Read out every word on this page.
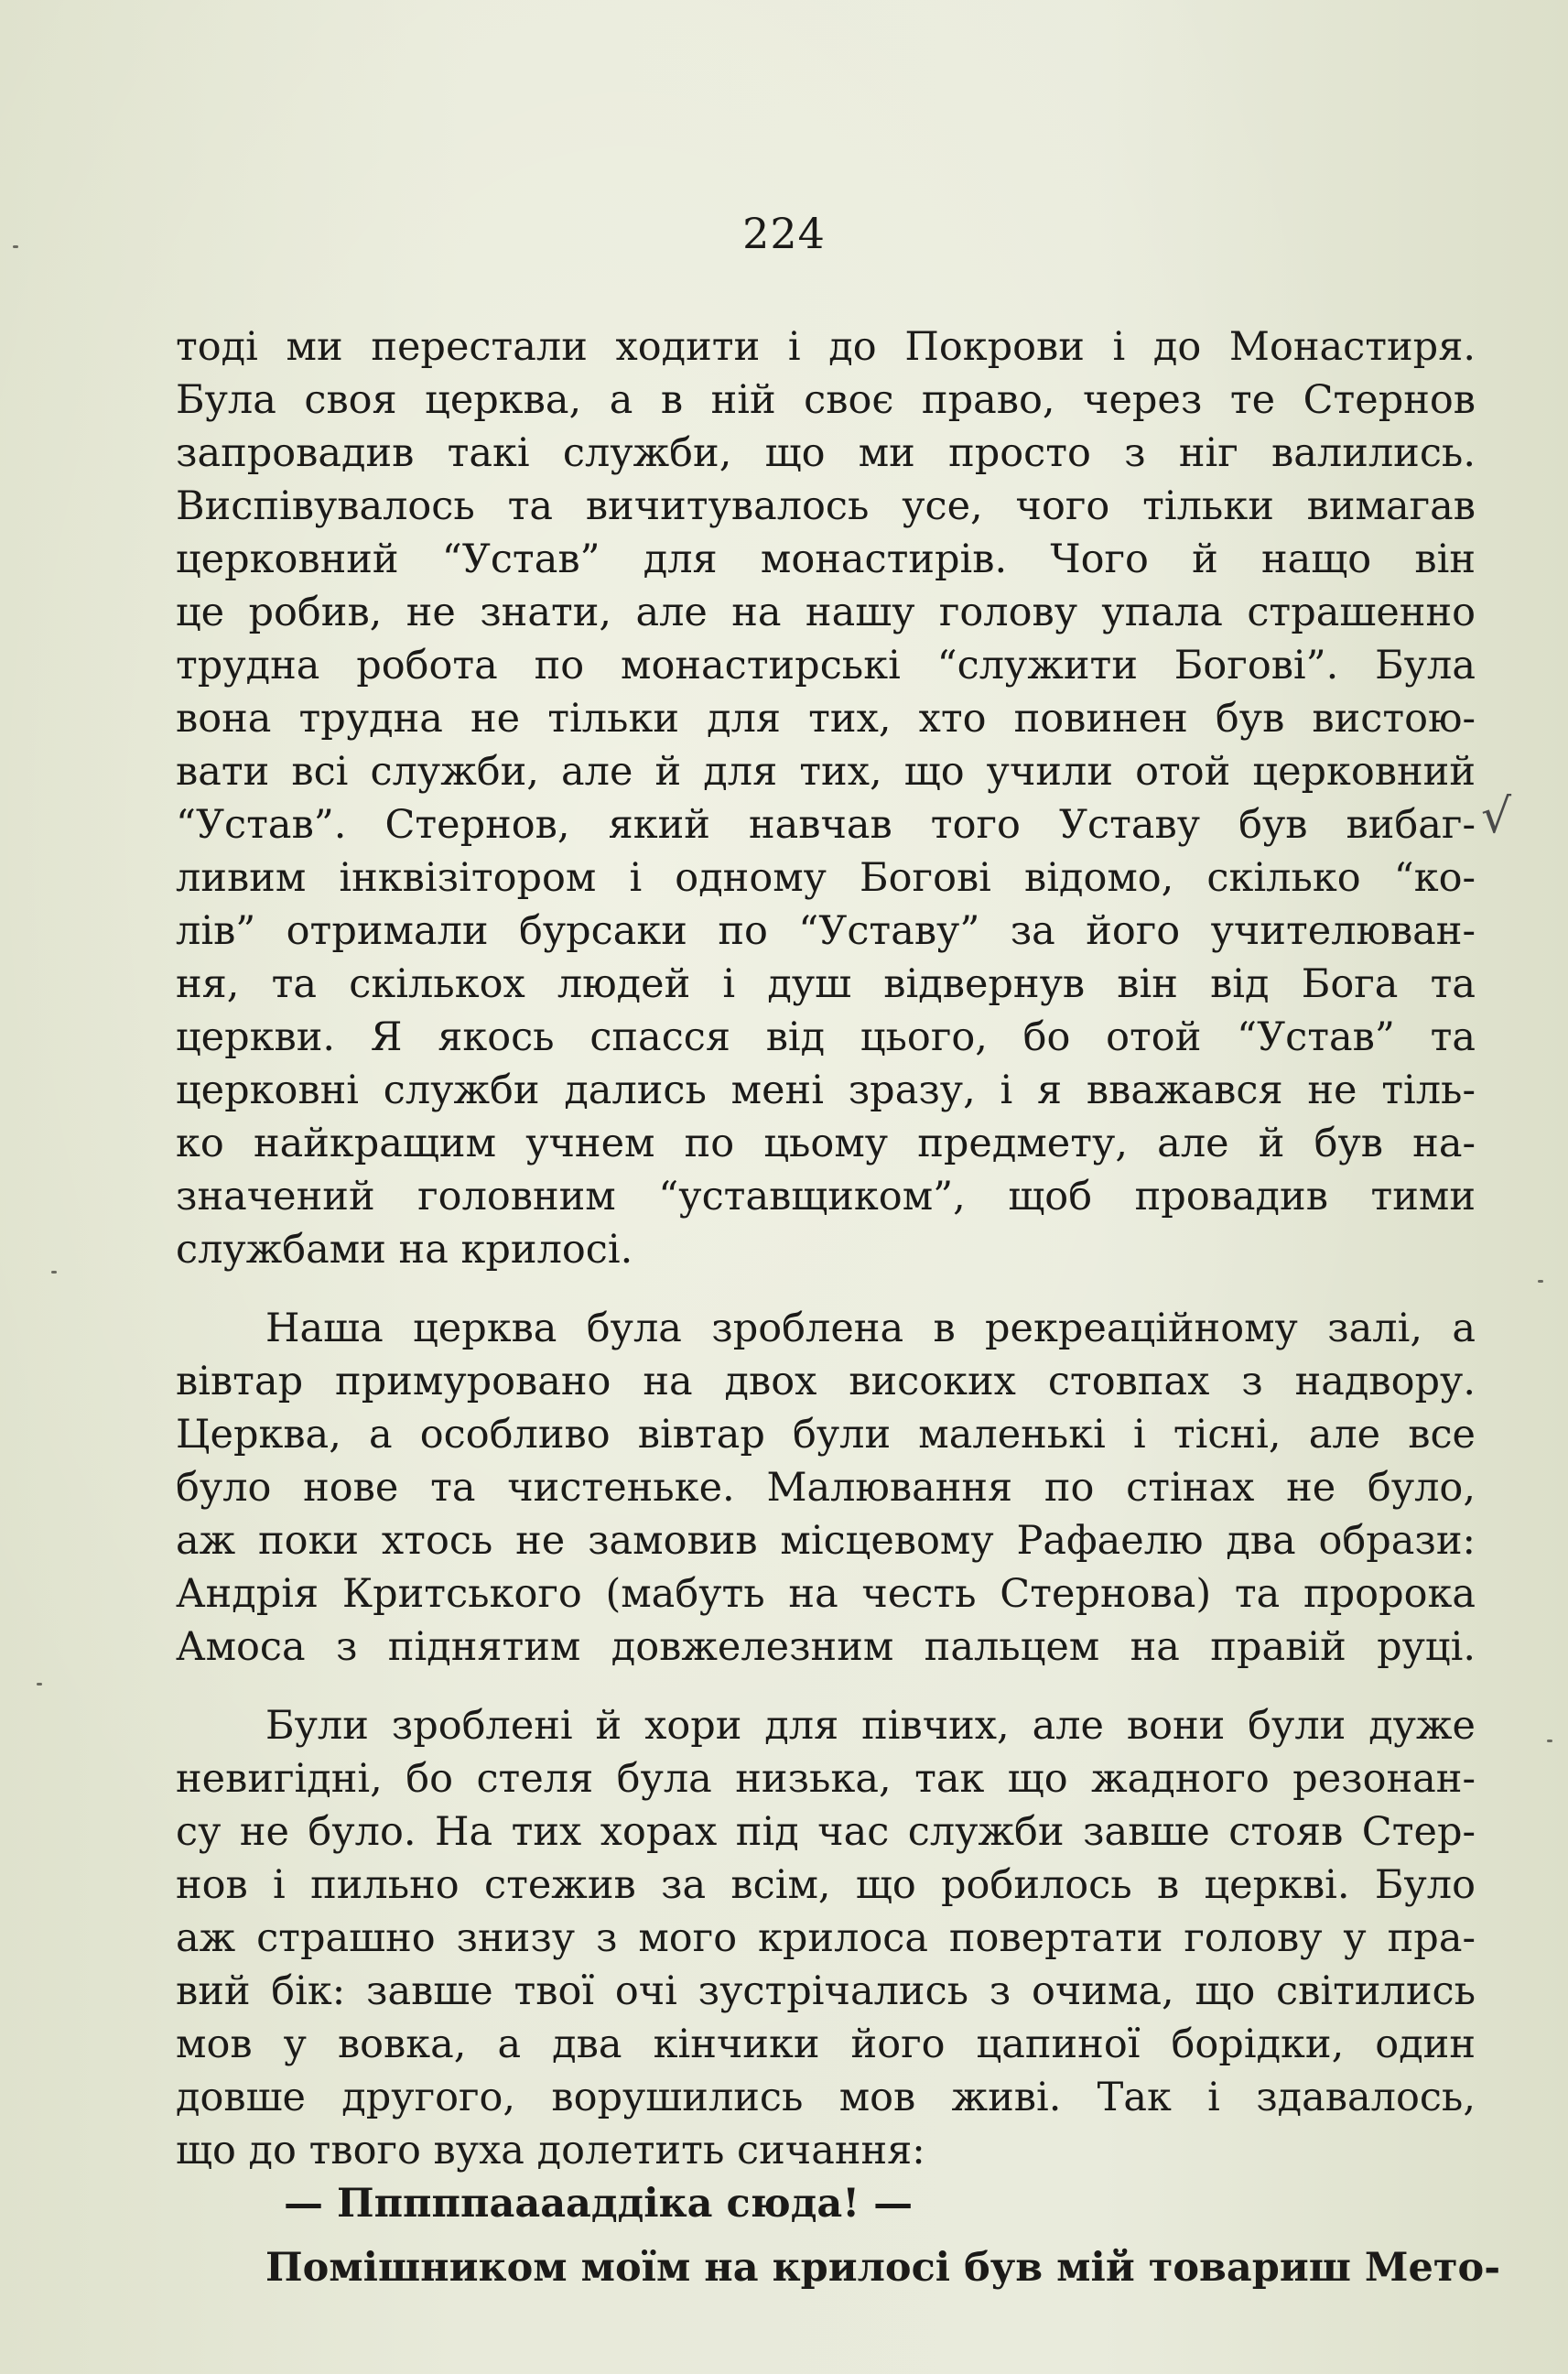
224
тоді ми перестали ходити і до Покрови і до Монастиря.
Була своя церква, а в ній своє право, через те Стернов
запровадив такі служби, що ми просто з ніг валились.
Виспівувалось та вичитувалось усе, чого тільки вимагав
церковний “Устав” для монастирів. Чого й нащо він
це робив, не знати, але на нашу голову упала страшенно
трудна робота по монастирські “служити Богові”. Була
вона трудна не тільки для тих, хто повинен був вистою-
вати всі служби, але й для тих, що учили отой церковний
“Устав”. Стернов, який навчав того Уставу був вибаг-
ливим інквізітором і одному Богові відомо, скілько “ко-
лів” отримали бурсаки по “Уставу” за його учителюван-
ня, та скількох людей і душ відвернув він від Бога та
церкви. Я якось спасся від цього, бо отой “Устав” та
церковні служби дались мені зразу, і я вважався не тіль-
ко найкращим учнем по цьому предмету, але й був на-
значений головним “уставщиком”, щоб провадив тими
службами на крилосі.
Наша церква була зроблена в рекреаційному залі, а
вівтар примуровано на двох високих стовпах з надвору.
Церква, а особливо вівтар були маленькі і тісні, але все
було нове та чистеньке. Малювання по стінах не було,
аж поки хтось не замовив місцевому Рафаелю два образи:
Андрія Критського (мабуть на честь Стернова) та пророка
Амоса з піднятим довжелезним пальцем на правій руці.
Були зроблені й хори для півчих, але вони були дуже
невигідні, бо стеля була низька, так що жадного резонан-
су не було. На тих хорах під час служби завше стояв Стер-
нов і пильно стежив за всім, що робилось в церкві. Було
аж страшно знизу з мого крилоса повертати голову у пра-
вий бік: завше твої очі зустрічались з очима, що світились
мов у вовка, а два кінчики його цапиної борідки, один
довше другого, ворушились мов живі. Так і здавалось,
що до твого вуха долетить сичання:
— Пппппааааддіка сюда! —
Помішником моїм на крилосі був мій товариш Мето-
√
